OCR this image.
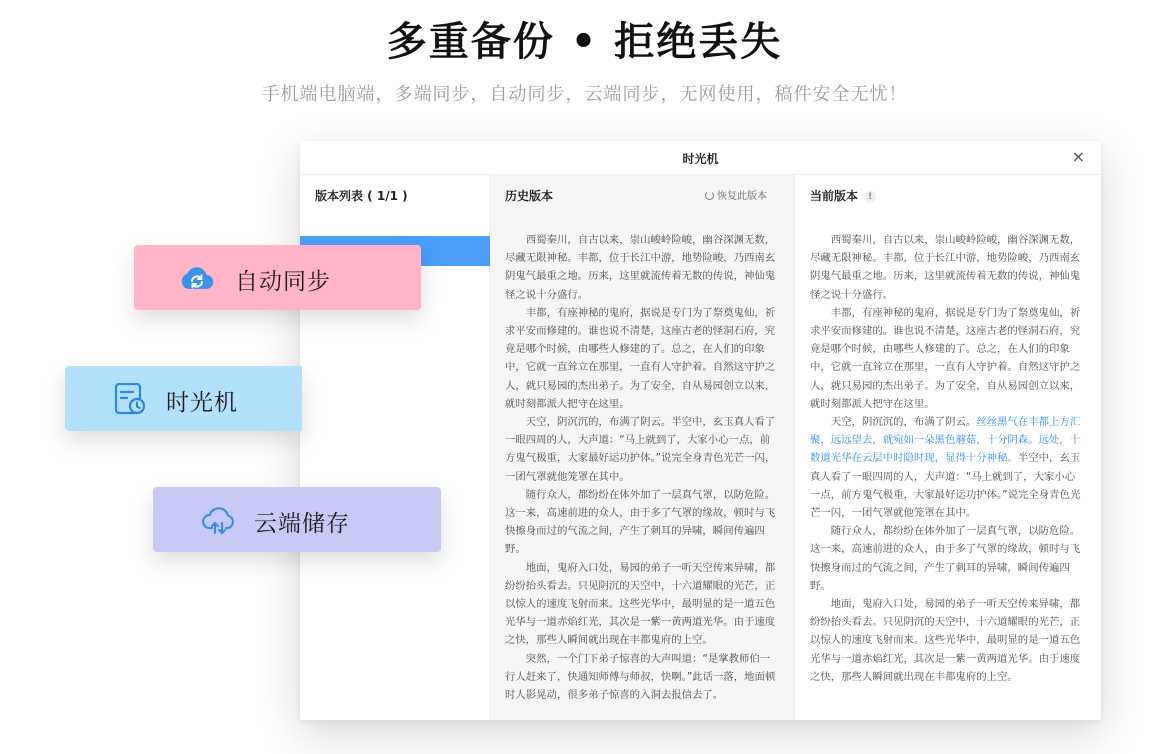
多重备份 • 拒绝丢失
手机端电脑端，多端同步，自动同步，云端同步，无网使用，稿件安全无忧！
时光机	×
版本列表 ( 1/1 )	历史版本	恢复此版本

西蜀秦川，自古以来，崇山峻岭险峻，幽谷深渊无数，尽藏无限神秘。丰都，位于长江中游，地势险峻，乃西南玄阴鬼气最重之地。历来，这里就流传着无数的传说，神仙鬼怪之说十分盛行。

丰都，有座神秘的鬼府，据说是专门为了祭奠鬼仙，祈求平安而修建的。谁也说不清楚，这座古老的怪洞石府，究竟是哪个时候，由哪些人修建的了。总之，在人们的印象中，它就一直耸立在那里，一直有人守护着。自然这守护之人，就只易园的杰出弟子。为了安全，自从易园创立以来，就时刻都派人把守在这里。

天空，阴沉沉的，布满了阴云。半空中，玄玉真人看了一眼四周的人，大声道：“马上就到了，大家小心一点，前方鬼气极重，大家最好运功护体。”说完全身青色光芒一闪，一团气罩就他笼罩在其中。

随行众人，都纷纷在体外加了一层真气罩，以防危险。这一来，高速前进的众人，由于多了气罩的缘故，顿时与飞快擦身而过的气流之间，产生了刺耳的异啸，瞬间传遍四野。

地面，鬼府入口处，易园的弟子一听天空传来异啸，都纷纷抬头看去。只见阴沉的天空中，十六道耀眼的光芒，正以惊人的速度飞射而来。这些光华中，最明显的是一道五色光华与一道赤焰红光，其次是一紫一黄两道光华。由于速度之快，那些人瞬间就出现在丰都鬼府的上空。

突然，一个门下弟子惊喜的大声叫道：“是掌教师伯一行人赶来了，快通知师傅与师叔，快啊。”此话一落，地面顿时人影晃动，很多弟子惊喜的入洞去报信去了。

当前版本 !

西蜀秦川，自古以来，崇山峻岭险峻，幽谷深渊无数，尽藏无限神秘。丰都，位于长江中游，地势险峻，乃西南玄阴鬼气最重之地。历来，这里就流传着无数的传说，神仙鬼怪之说十分盛行。

丰都，有座神秘的鬼府，据说是专门为了祭奠鬼仙，祈求平安而修建的。谁也说不清楚，这座古老的怪洞石府，究竟是哪个时候，由哪些人修建的了。总之，在人们的印象中，它就一直耸立在那里，一直有人守护着。自然这守护之人，就只易园的杰出弟子。为了安全，自从易园创立以来，就时刻都派人把守在这里。

天空，阴沉沉的，布满了阴云。丝丝黑气在丰都上方汇聚，远远望去，就宛如一朵黑色蘑菇，十分阴森。远处，十数道光华在云层中时隐时现，显得十分神秘。半空中，玄玉真人看了一眼四周的人，大声道：“马上就到了，大家小心一点，前方鬼气极重，大家最好运功护体。”说完全身青色光芒一闪，一团气罩就他笼罩在其中。

随行众人，都纷纷在体外加了一层真气罩，以防危险。这一来，高速前进的众人，由于多了气罩的缘故，顿时与飞快擦身而过的气流之间，产生了刺耳的异啸，瞬间传遍四野。

地面，鬼府入口处，易园的弟子一听天空传来异啸，都纷纷抬头看去。只见阴沉的天空中，十六道耀眼的光芒，正以惊人的速度飞射而来。这些光华中，最明显的是一道五色光华与一道赤焰红光，其次是一紫一黄两道光华。由于速度之快，那些人瞬间就出现在丰都鬼府的上空。

自动同步
时光机
云端储存
